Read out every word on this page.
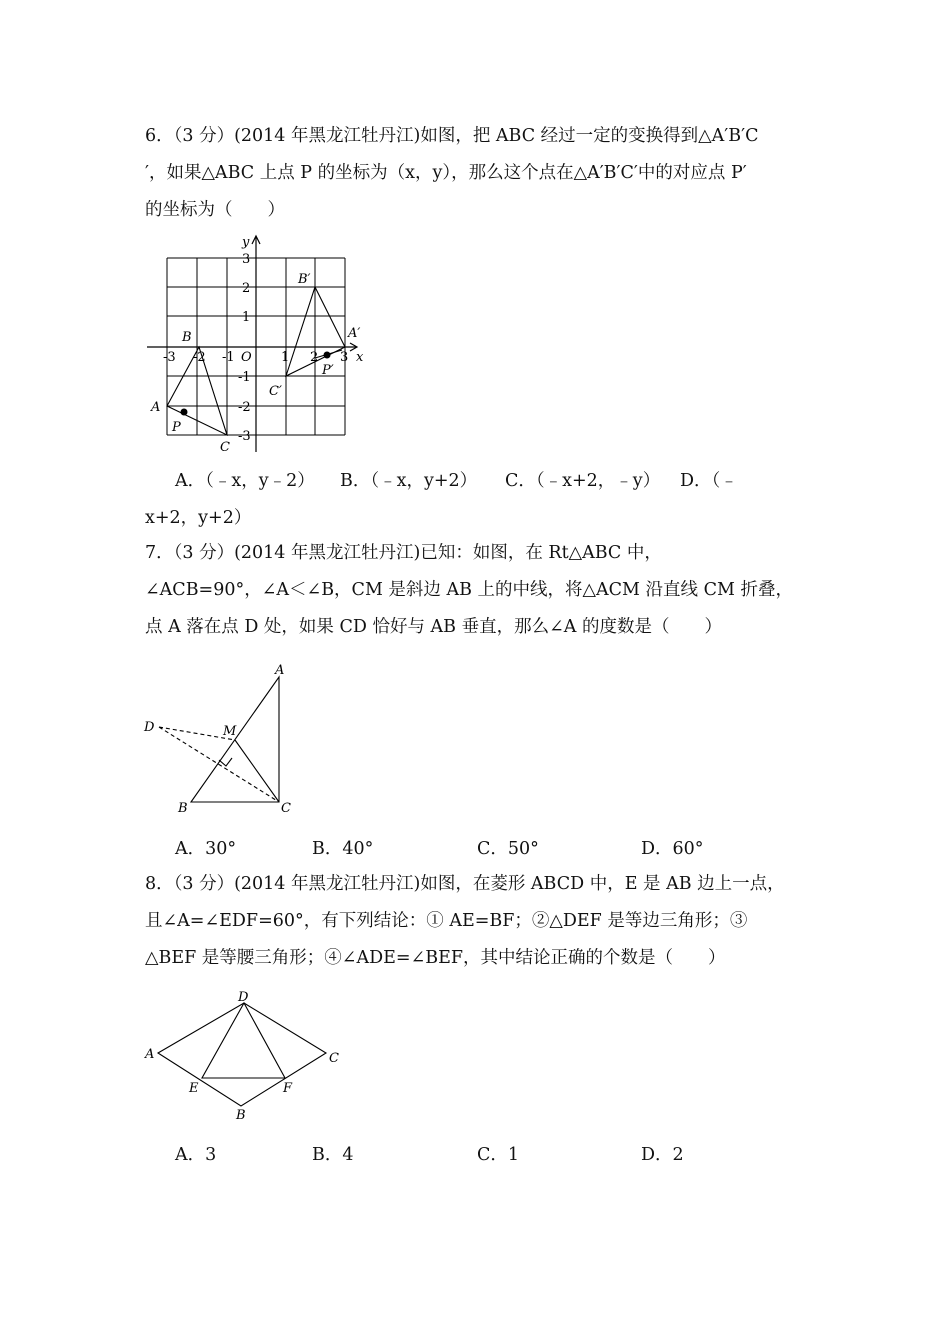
6．（3 分）(2014 年黑龙江牡丹江)如图，把 ABC 经过一定的变换得到△A′B′C
′，如果△ABC 上点 P 的坐标为（x，y），那么这个点在△A′B′C′中的对应点 P′
的坐标为（　　）
y
x
O
-3 -2 -1	1 2 3
3
2
1
-1
-2
-3
A
B
C
P
A′
B′
C′
P′
A．（﹣x，y﹣2） B．（﹣x，y+2） C．（﹣x+2，﹣y） D．（﹣
x+2，y+2）
7．（3 分）(2014 年黑龙江牡丹江)已知：如图，在 Rt△ABC 中，
∠ACB=90°，∠A＜∠B，CM 是斜边 AB 上的中线，将△ACM 沿直线 CM 折叠，
点 A 落在点 D 处，如果 CD 恰好与 AB 垂直，那么∠A 的度数是（　　）
A
B	C
D	M
A．30°	B．40°	C．50°	D．60°
8．（3 分）(2014 年黑龙江牡丹江)如图，在菱形 ABCD 中，E 是 AB 边上一点，
且∠A=∠EDF=60°，有下列结论：① AE=BF；②△DEF 是等边三角形；③
△BEF 是等腰三角形；④∠ADE=∠BEF，其中结论正确的个数是（　　）
A
B
C
D
E	F
A．3	B．4	C．1	D．2
